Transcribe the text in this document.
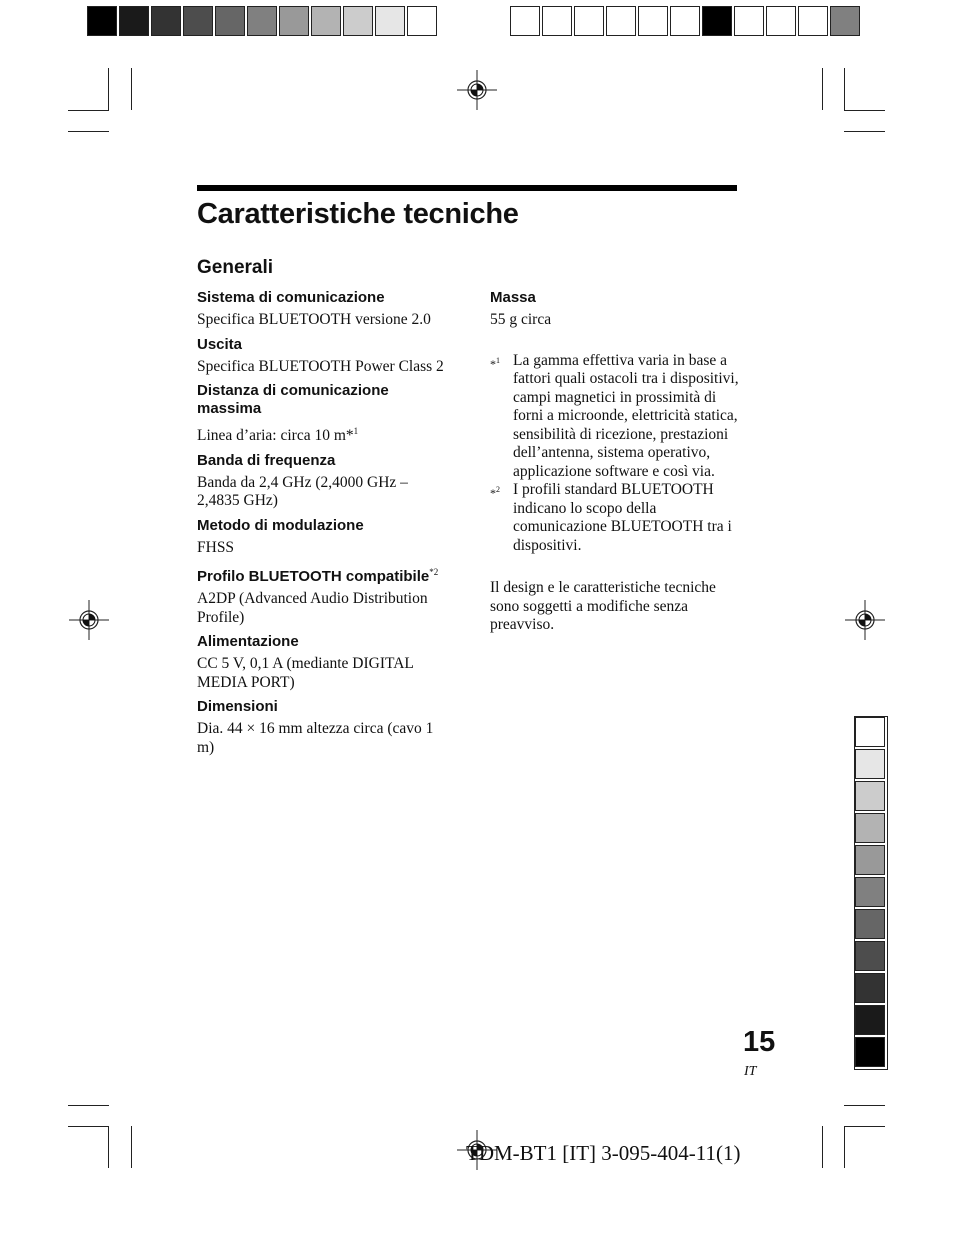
Caratteristiche tecniche
Generali
Sistema di comunicazione
Specifica BLUETOOTH versione 2.0
Uscita
Specifica BLUETOOTH Power Class 2
Distanza di comunicazione massima
Linea d’aria: circa 10 m*$^1$
Banda di frequenza
Banda da 2,4 GHz (2,4000 GHz – 2,4835 GHz)
Metodo di modulazione
FHSS
Profilo BLUETOOTH compatibile$^{*2}$
A2DP (Advanced Audio Distribution Profile)
Alimentazione
CC 5 V, 0,1 A (mediante DIGITAL MEDIA PORT)
Dimensioni
Dia. 44 × 16 mm altezza circa (cavo 1 m)
Massa
55 g circa
*$^1$ La gamma effettiva varia in base a fattori quali ostacoli tra i dispositivi, campi magnetici in prossimità di forni a microonde, elettricità statica, sensibilità di ricezione, prestazioni dell’antenna, sistema operativo, applicazione software e così via.
*$^2$ I profili standard BLUETOOTH indicano lo scopo della comunicazione BLUETOOTH tra i dispositivi.
Il design e le caratteristiche tecniche sono soggetti a modifiche senza preavviso.
15
IT
TDM-BT1 [IT] 3-095-404-11(1)
